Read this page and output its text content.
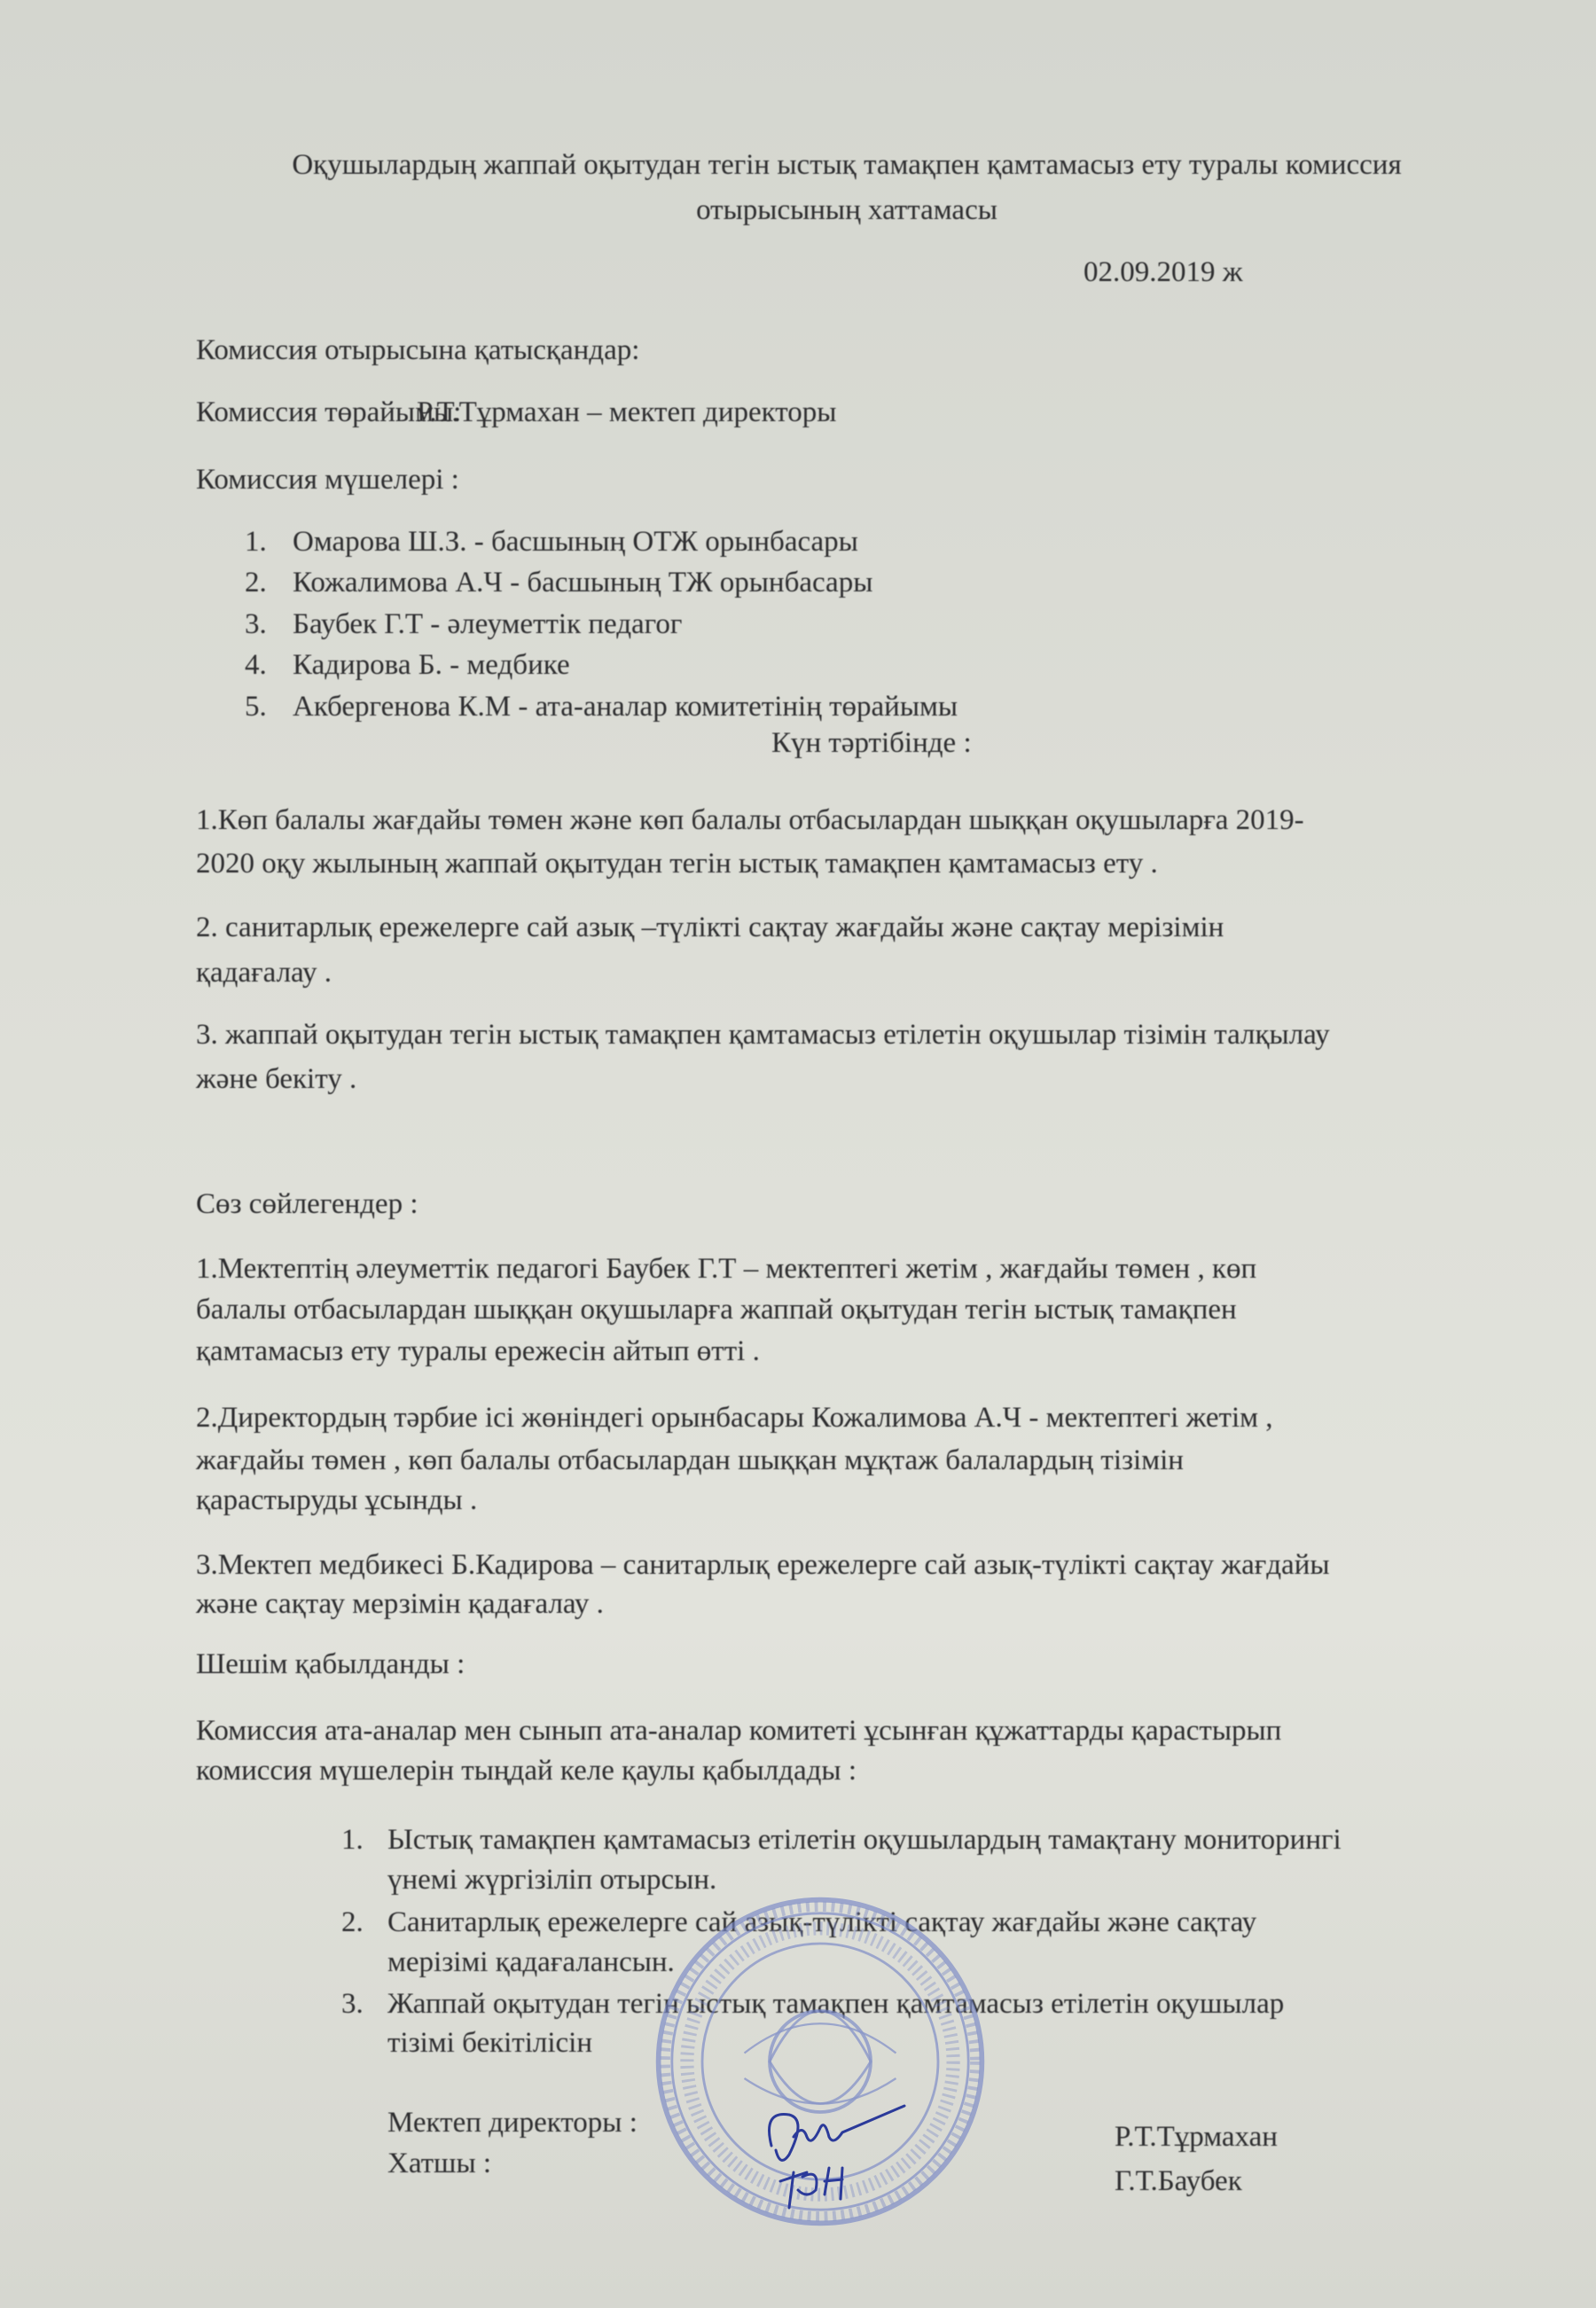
Оқушылардың жаппай оқытудан тегін ыстық тамақпен қамтамасыз ету туралы комиссия
отырысының хаттамасы
02.09.2019 ж
Комиссия отырысына қатысқандар:
Комиссия төрайымы:
Р.Т.Тұрмахан – мектеп директоры
Комиссия мүшелері :
1. Омарова Ш.З. - басшының ОТЖ орынбасары
2. Кожалимова А.Ч - басшының ТЖ орынбасары
3. Баубек Г.Т - әлеуметтік педагог
4. Кадирова Б. - медбике
5. Акбергенова К.М - ата-аналар комитетінің төрайымы
Күн тәртібінде :
1.Көп балалы жағдайы төмен және көп балалы отбасылардан шыққан оқушыларға 2019-
2020 оқу жылының жаппай оқытудан тегін ыстық тамақпен қамтамасыз ету .
2. санитарлық ережелерге сай азық –түлікті сақтау жағдайы және сақтау мерізімін
қадағалау .
3. жаппай оқытудан тегін ыстық тамақпен қамтамасыз етілетін оқушылар тізімін талқылау
және бекіту .
Сөз сөйлегендер :
1.Мектептің әлеуметтік педагогі Баубек Г.Т – мектептегі жетім , жағдайы төмен , көп
балалы отбасылардан шыққан оқушыларға жаппай оқытудан тегін ыстық тамақпен
қамтамасыз ету туралы ережесін айтып өтті .
2.Директордың тәрбие ісі жөніндегі орынбасары Кожалимова А.Ч - мектептегі жетім ,
жағдайы төмен , көп балалы отбасылардан шыққан мұқтаж балалардың тізімін
қарастыруды ұсынды .
3.Мектеп медбикесі Б.Кадирова – санитарлық ережелерге сай азық-түлікті сақтау жағдайы
және сақтау мерзімін қадағалау .
Шешім қабылданды :
Комиссия ата-аналар мен сынып ата-аналар комитеті ұсынған құжаттарды қарастырып
комиссия мүшелерін тыңдай келе қаулы қабылдады :
1. Ыстық тамақпен қамтамасыз етілетін оқушылардың тамақтану мониторингі
үнемі жүргізіліп отырсын.
2. Санитарлық ережелерге сай азық-түлікті сақтау жағдайы және сақтау
мерізімі қадағалансын.
3. Жаппай оқытудан тегін ыстық тамақпен қамтамасыз етілетін оқушылар
тізімі бекітілісін
Мектеп директоры :	Р.Т.Тұрмахан
Хатшы :
Г.Т.Баубек
